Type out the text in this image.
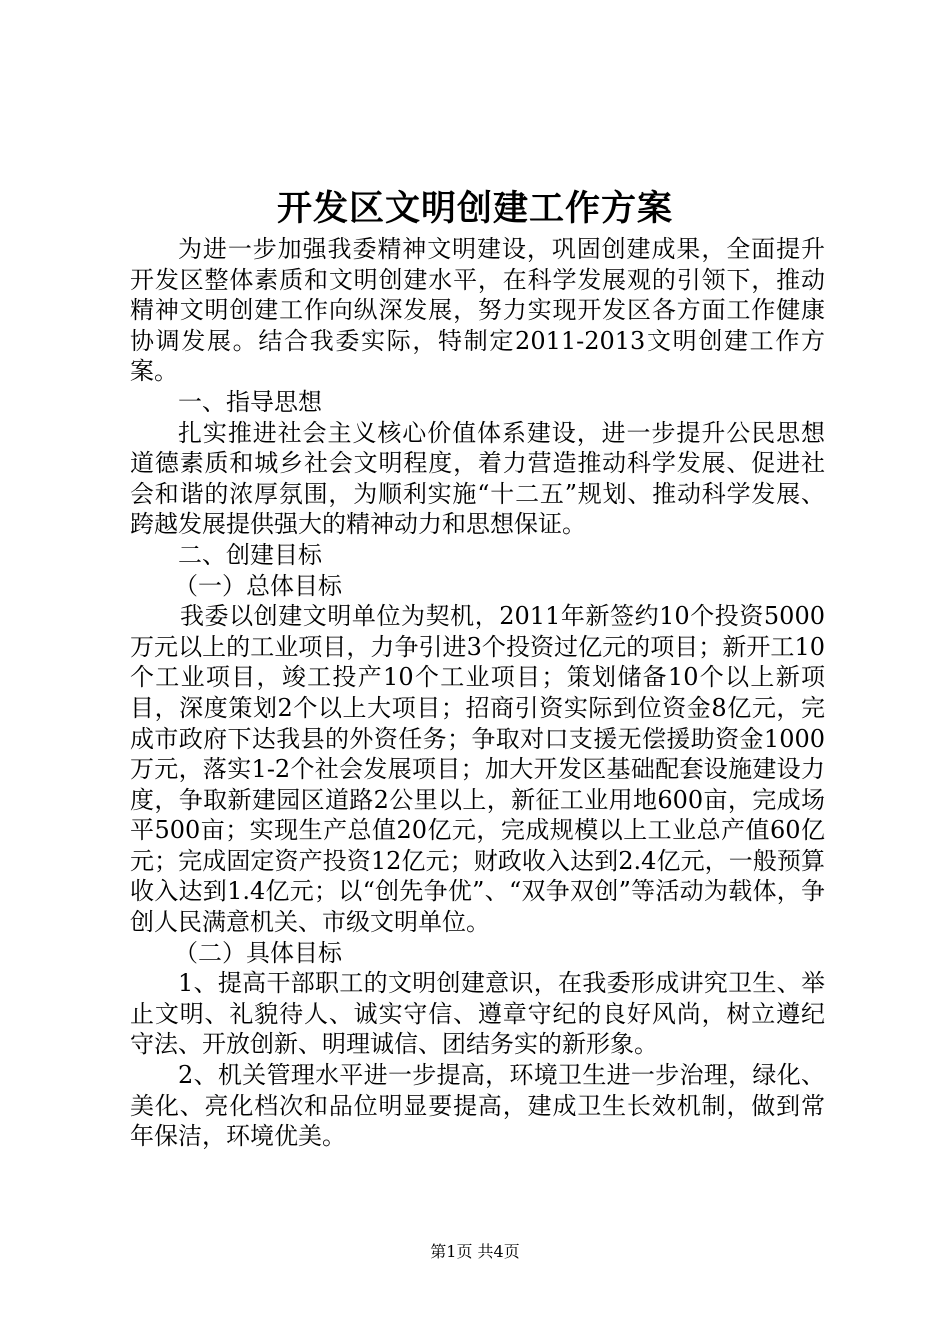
开发区文明创建工作方案

为进一步加强我委精神文明建设，巩固创建成果，全面提升开发区整体素质和文明创建水平，在科学发展观的引领下，推动精神文明创建工作向纵深发展，努力实现开发区各方面工作健康协调发展。结合我委实际，特制定2011-2013文明创建工作方案。

一、指导思想

扎实推进社会主义核心价值体系建设，进一步提升公民思想道德素质和城乡社会文明程度，着力营造推动科学发展、促进社会和谐的浓厚氛围，为顺利实施“十二五”规划、推动科学发展、跨越发展提供强大的精神动力和思想保证。

二、创建目标

（一）总体目标

我委以创建文明单位为契机，2011年新签约10个投资5000万元以上的工业项目，力争引进3个投资过亿元的项目；新开工10个工业项目，竣工投产10个工业项目；策划储备10个以上新项目，深度策划2个以上大项目；招商引资实际到位资金8亿元，完成市政府下达我县的外资任务；争取对口支援无偿援助资金1000万元，落实1-2个社会发展项目；加大开发区基础配套设施建设力度，争取新建园区道路2公里以上，新征工业用地600亩，完成场平500亩；实现生产总值20亿元，完成规模以上工业总产值60亿元；完成固定资产投资12亿元；财政收入达到2.4亿元，一般预算收入达到1.4亿元；以“创先争优”、“双争双创”等活动为载体，争创人民满意机关、市级文明单位。

（二）具体目标

1、提高干部职工的文明创建意识，在我委形成讲究卫生、举止文明、礼貌待人、诚实守信、遵章守纪的良好风尚，树立遵纪守法、开放创新、明理诚信、团结务实的新形象。

2、机关管理水平进一步提高，环境卫生进一步治理，绿化、美化、亮化档次和品位明显要提高，建成卫生长效机制，做到常年保洁，环境优美。

第1页 共4页
